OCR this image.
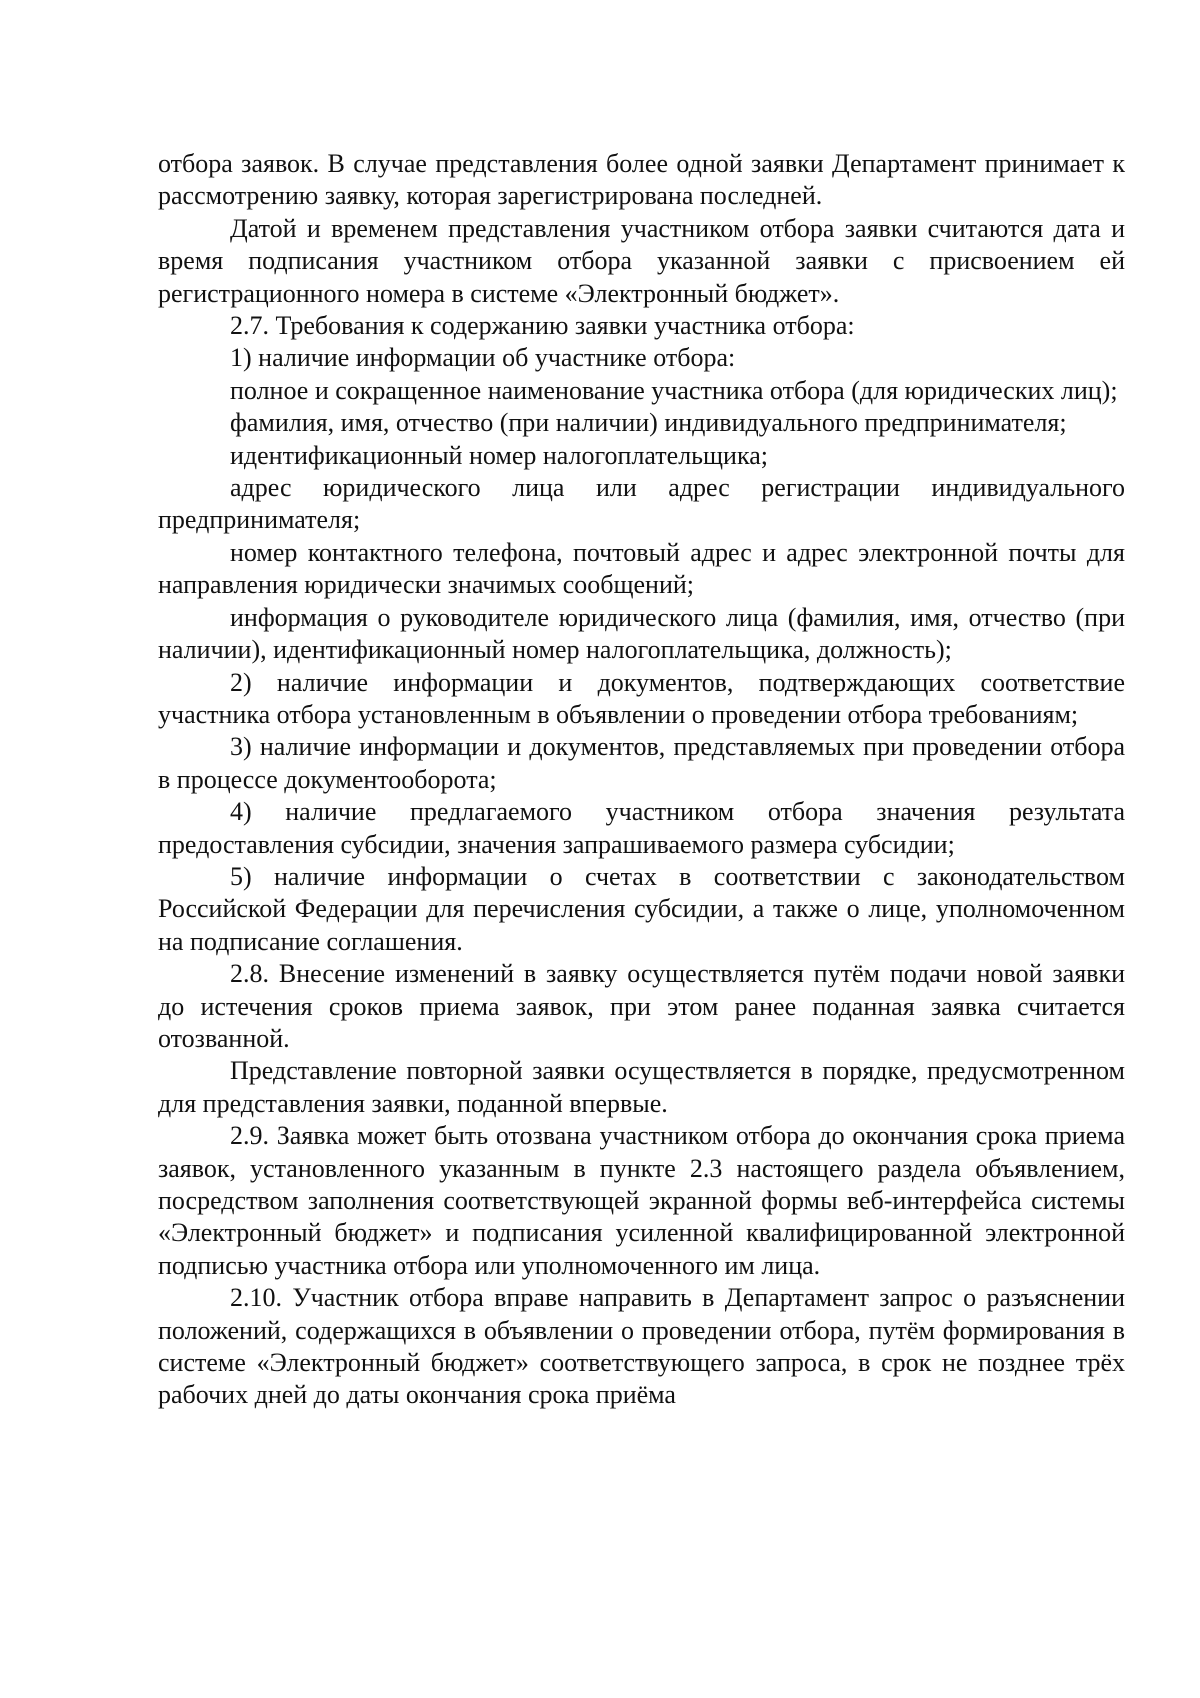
отбора заявок. В случае представления более одной заявки Департамент принимает к рассмотрению заявку, которая зарегистрирована последней.

Датой и временем представления участником отбора заявки считаются дата и время подписания участником отбора указанной заявки с присвоением ей регистрационного номера в системе «Электронный бюджет».

2.7. Требования к содержанию заявки участника отбора:

1) наличие информации об участнике отбора:

полное и сокращенное наименование участника отбора (для юридических лиц);

фамилия, имя, отчество (при наличии) индивидуального предпринимателя;

идентификационный номер налогоплательщика;

адрес юридического лица или адрес регистрации индивидуального предпринимателя;

номер контактного телефона, почтовый адрес и адрес электронной почты для направления юридически значимых сообщений;

информация о руководителе юридического лица (фамилия, имя, отчество (при наличии), идентификационный номер налогоплательщика, должность);

2) наличие информации и документов, подтверждающих соответствие участника отбора установленным в объявлении о проведении отбора требованиям;

3) наличие информации и документов, представляемых при проведении отбора в процессе документооборота;

4) наличие предлагаемого участником отбора значения результата предоставления субсидии, значения запрашиваемого размера субсидии;

5) наличие информации о счетах в соответствии с законодательством Российской Федерации для перечисления субсидии, а также о лице, уполномоченном на подписание соглашения.

2.8. Внесение изменений в заявку осуществляется путём подачи новой заявки до истечения сроков приема заявок, при этом ранее поданная заявка считается отозванной.

Представление повторной заявки осуществляется в порядке, предусмотренном для представления заявки, поданной впервые.

2.9. Заявка может быть отозвана участником отбора до окончания срока приема заявок, установленного указанным в пункте 2.3 настоящего раздела объявлением, посредством заполнения соответствующей экранной формы веб-интерфейса системы «Электронный бюджет» и подписания усиленной квалифицированной электронной подписью участника отбора или уполномоченного им лица.

2.10. Участник отбора вправе направить в Департамент запрос о разъяснении положений, содержащихся в объявлении о проведении отбора, путём формирования в системе «Электронный бюджет» соответствующего запроса, в срок не позднее трёх рабочих дней до даты окончания срока приёма
